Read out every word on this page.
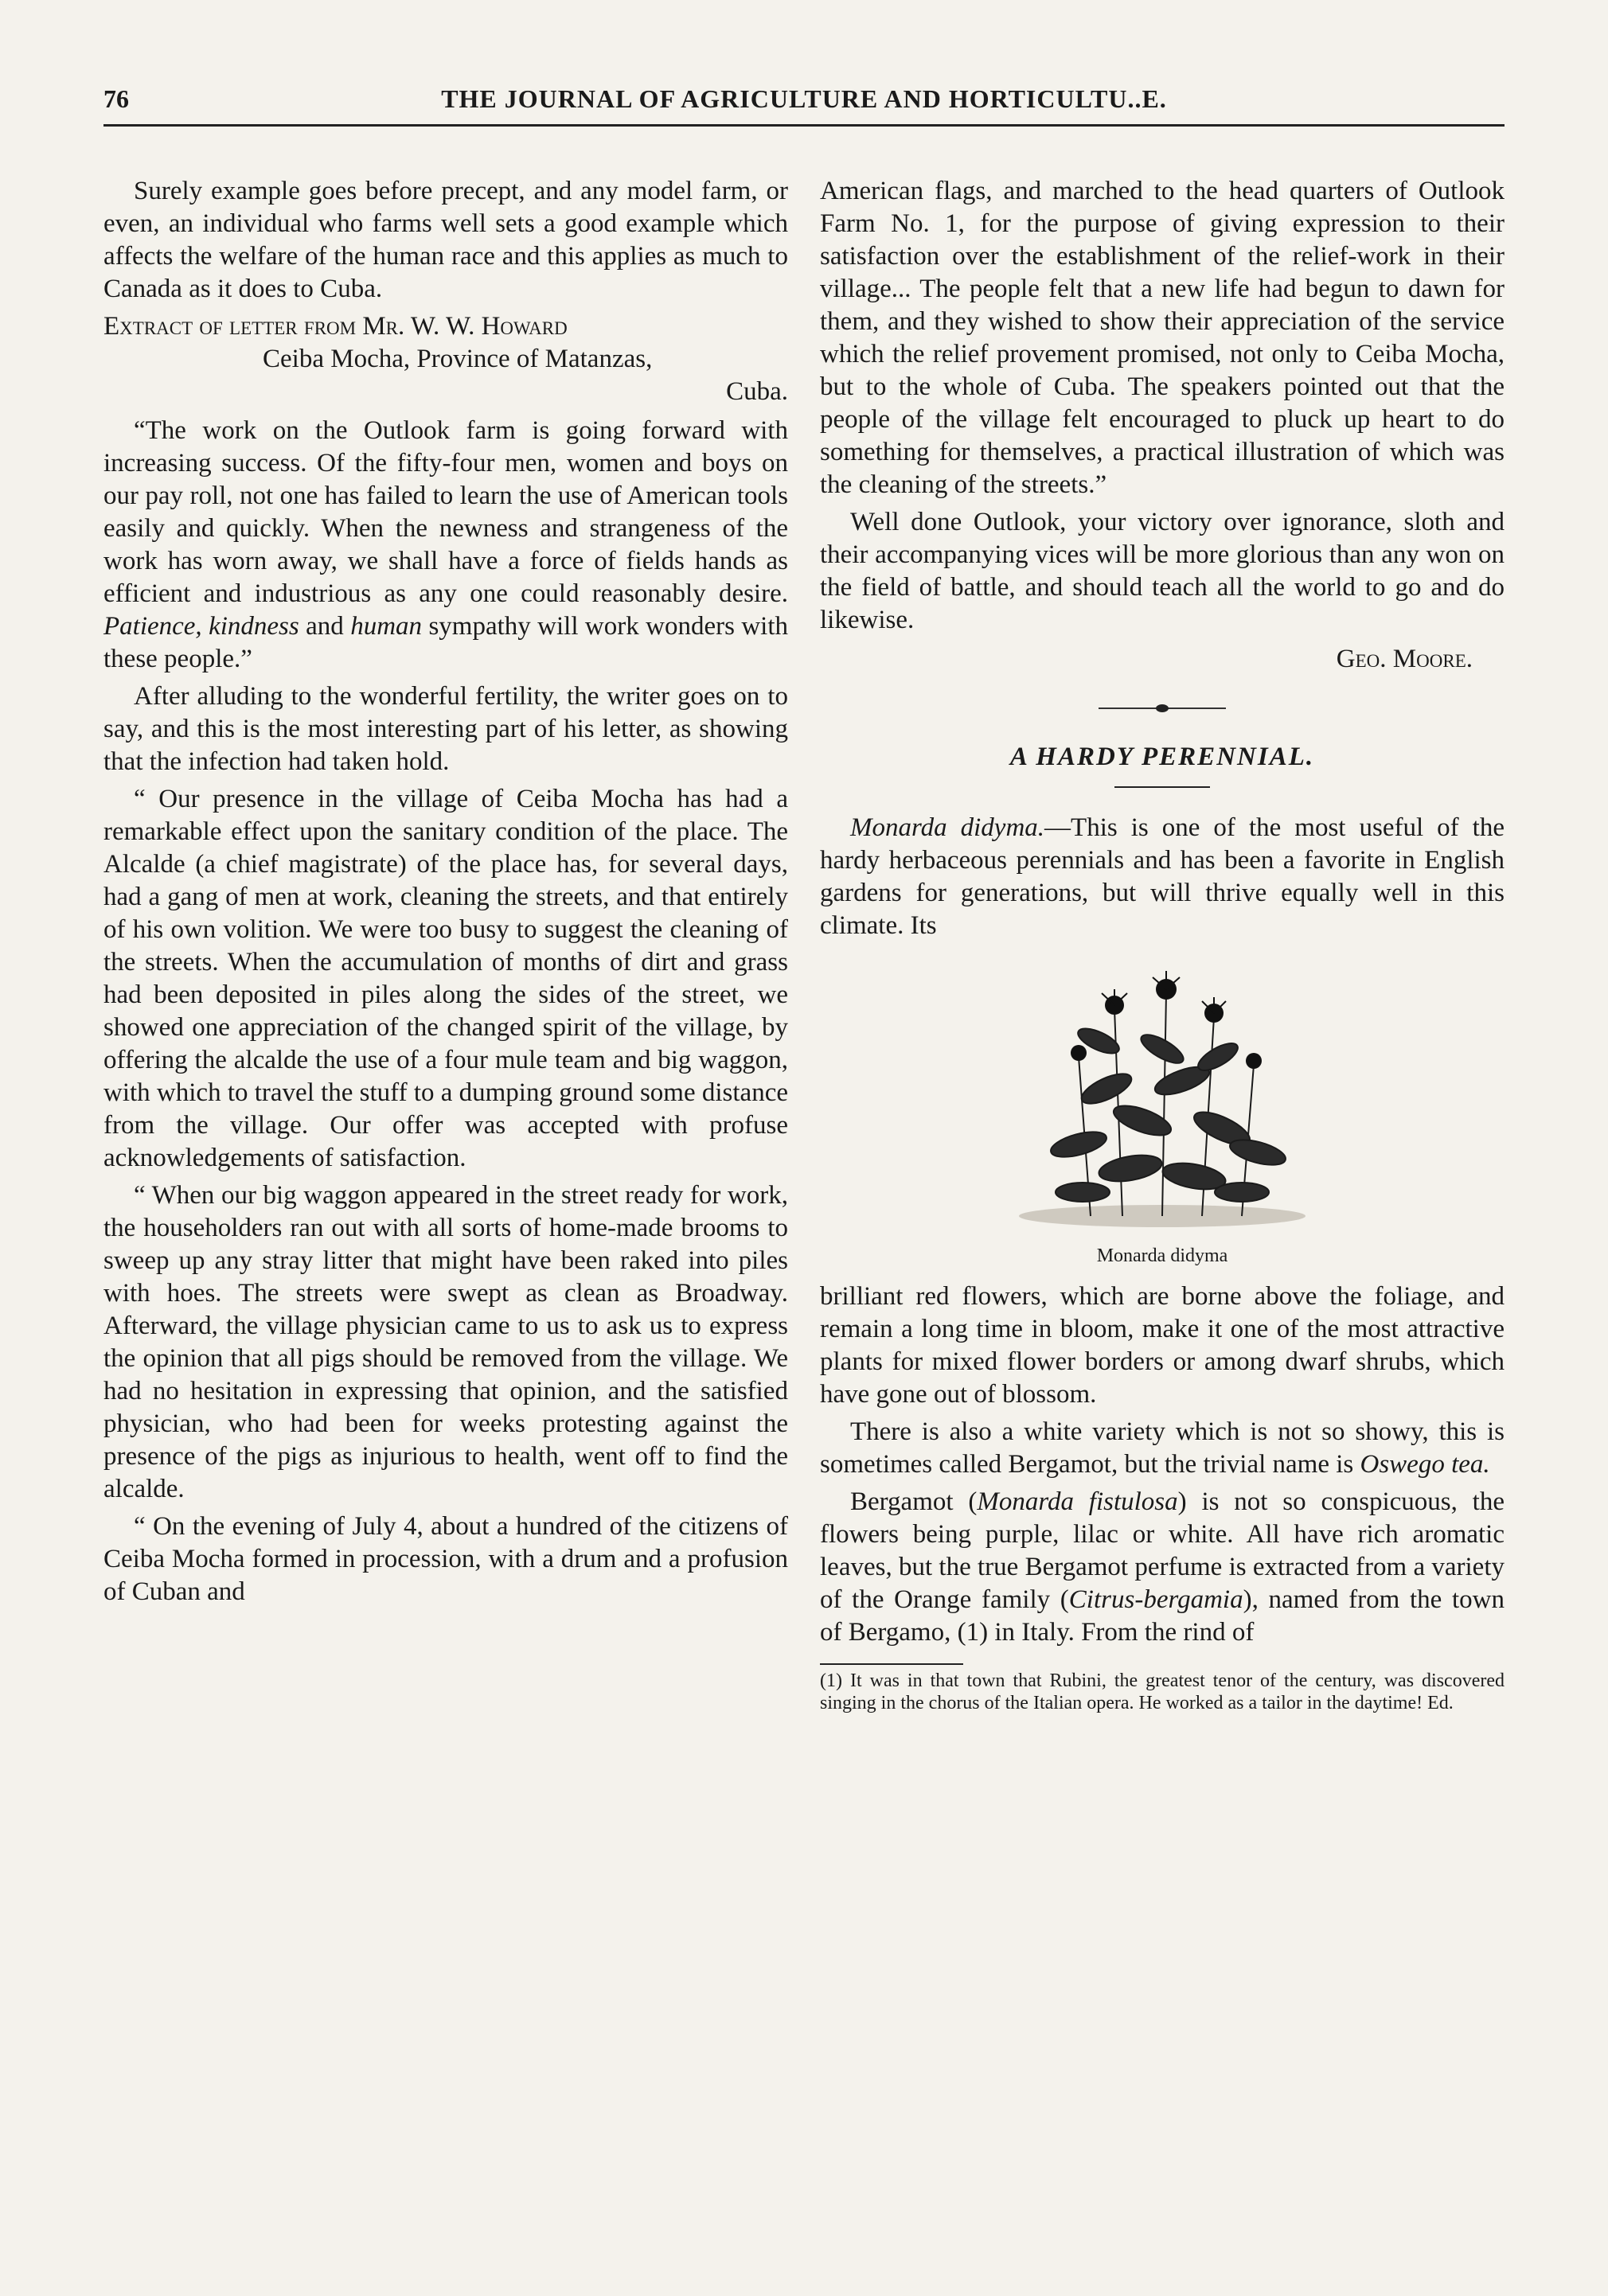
76	THE JOURNAL OF AGRICULTURE AND HORTICULTU..E.

Surely example goes before precept, and any model farm, or even, an individual who farms well sets a good example which affects the welfare of the human race and this applies as much to Canada as it does to Cuba.

Extract of letter from Mr. W. W. Howard

Ceiba Mocha, Province of Matanzas,

Cuba.

“The work on the Outlook farm is going forward with increasing success. Of the fifty-four men, women and boys on our pay roll, not one has failed to learn the use of American tools easily and quickly. When the newness and strangeness of the work has worn away, we shall have a force of fields hands as efficient and industrious as any one could reasonably desire. Patience, kindness and human sympathy will work wonders with these people.”

After alluding to the wonderful fertility, the writer goes on to say, and this is the most interesting part of his letter, as showing that the infection had taken hold.

“ Our presence in the village of Ceiba Mocha has had a remarkable effect upon the sanitary condition of the place. The Alcalde (a chief magistrate) of the place has, for several days, had a gang of men at work, cleaning the streets, and that entirely of his own volition. We were too busy to suggest the cleaning of the streets. When the accumulation of months of dirt and grass had been deposited in piles along the sides of the street, we showed one appreciation of the changed spirit of the village, by offering the alcalde the use of a four mule team and big waggon, with which to travel the stuff to a dumping ground some distance from the village. Our offer was accepted with profuse acknowledgements of satisfaction.

“ When our big waggon appeared in the street ready for work, the householders ran out with all sorts of home-made brooms to sweep up any stray litter that might have been raked into piles with hoes. The streets were swept as clean as Broadway. Afterward, the village physician came to us to ask us to express the opinion that all pigs should be removed from the village. We had no hesitation in expressing that opinion, and the satisfied physician, who had been for weeks protesting against the presence of the pigs as injurious to health, went off to find the alcalde.

“ On the evening of July 4, about a hundred of the citizens of Ceiba Mocha formed in procession, with a drum and a profusion of Cuban and

American flags, and marched to the head quarters of Outlook Farm No. 1, for the purpose of giving expression to their satisfaction over the establishment of the relief-work in their village... The people felt that a new life had begun to dawn for them, and they wished to show their appreciation of the service which the relief provement promised, not only to Ceiba Mocha, but to the whole of Cuba. The speakers pointed out that the people of the village felt encouraged to pluck up heart to do something for themselves, a practical illustration of which was the cleaning of the streets.”

Well done Outlook, your victory over ignorance, sloth and their accompanying vices will be more glorious than any won on the field of battle, and should teach all the world to go and do likewise.

Geo. Moore.
A HARDY PERENNIAL.

Monarda didyma.—This is one of the most useful of the hardy herbaceous perennials and has been a favorite in English gardens for generations, but will thrive equally well in this climate. Its

Monarda didyma

brilliant red flowers, which are borne above the foliage, and remain a long time in bloom, make it one of the most attractive plants for mixed flower borders or among dwarf shrubs, which have gone out of blossom.

There is also a white variety which is not so showy, this is sometimes called Bergamot, but the trivial name is Oswego tea.

Bergamot (Monarda fistulosa) is not so conspicuous, the flowers being purple, lilac or white. All have rich aromatic leaves, but the true Bergamot perfume is extracted from a variety of the Orange family (Citrus-bergamia), named from the town of Bergamo, (1) in Italy. From the rind of

(1) It was in that town that Rubini, the greatest tenor of the century, was discovered singing in the chorus of the Italian opera. He worked as a tailor in the daytime! Ed.
